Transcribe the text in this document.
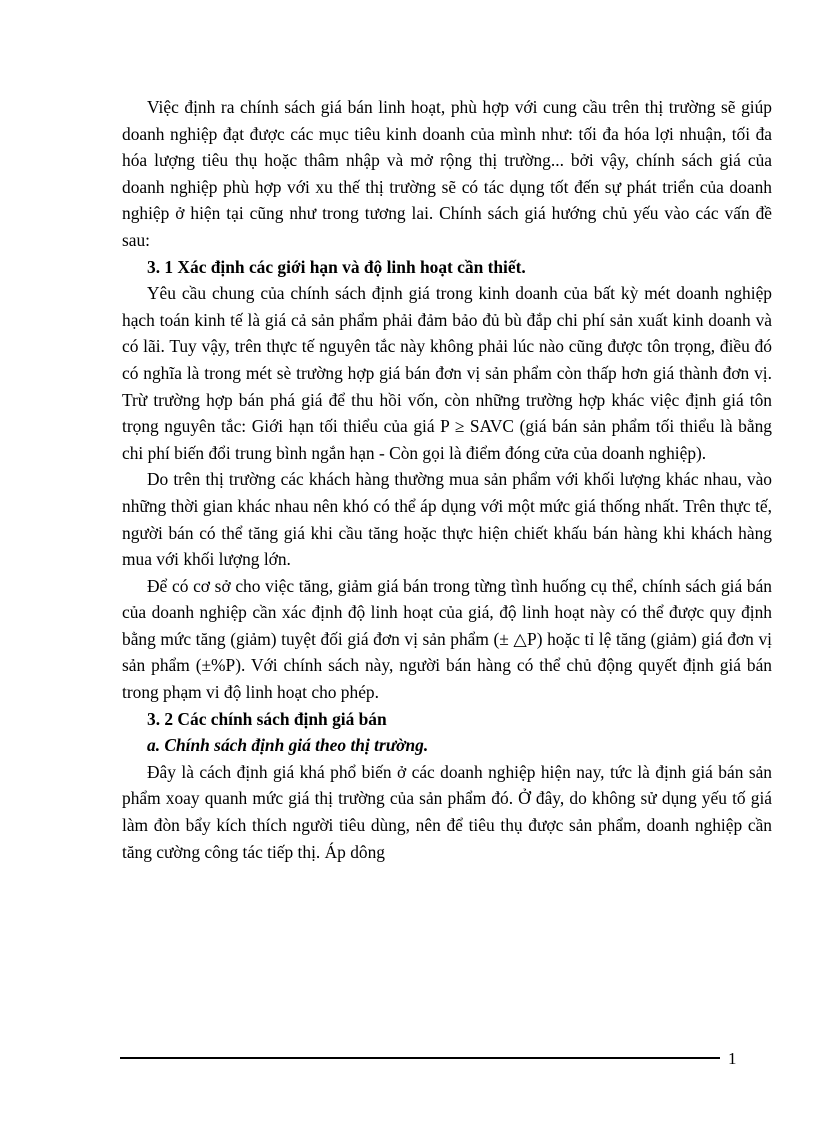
Việc định ra chính sách giá bán linh hoạt, phù hợp với cung cầu trên thị trường sẽ giúp doanh nghiệp đạt được các mục tiêu kinh doanh của mình như: tối đa hóa lợi nhuận, tối đa hóa lượng tiêu thụ hoặc thâm nhập và mở rộng thị trường... bởi vậy, chính sách giá của doanh nghiệp phù hợp với xu thế thị trường sẽ có tác dụng tốt đến sự phát triển của doanh nghiệp ở hiện tại cũng như trong tương lai. Chính sách giá hướng chủ yếu vào các vấn đề sau:

3. 1 Xác định các giới hạn và độ linh hoạt cần thiết.

Yêu cầu chung của chính sách định giá trong kinh doanh của bất kỳ mét doanh nghiệp hạch toán kinh tế là giá cả sản phẩm phải đảm bảo đủ bù đắp chi phí sản xuất kinh doanh và có lãi. Tuy vậy, trên thực tế nguyên tắc này không phải lúc nào cũng được tôn trọng, điều đó có nghĩa là trong mét sè trường hợp giá bán đơn vị sản phẩm còn thấp hơn giá thành đơn vị. Trừ trường hợp bán phá giá để thu hồi vốn, còn những trường hợp khác việc định giá tôn trọng nguyên tắc: Giới hạn tối thiểu của giá P ≥ SAVC (giá bán sản phẩm tối thiểu là bằng chi phí biến đổi trung bình ngắn hạn - Còn gọi là điểm đóng cửa của doanh nghiệp).

Do trên thị trường các khách hàng thường mua sản phẩm với khối lượng khác nhau, vào những thời gian khác nhau nên khó có thể áp dụng với một mức giá thống nhất. Trên thực tế, người bán có thể tăng giá khi cầu tăng hoặc thực hiện chiết khấu bán hàng khi khách hàng mua với khối lượng lớn.

Để có cơ sở cho việc tăng, giảm giá bán trong từng tình huống cụ thể, chính sách giá bán của doanh nghiệp cần xác định độ linh hoạt của giá, độ linh hoạt này có thể được quy định bằng mức tăng (giảm) tuyệt đối giá đơn vị sản phẩm (± △P) hoặc tỉ lệ tăng (giảm) giá đơn vị sản phẩm (±%P). Với chính sách này, người bán hàng có thể chủ động quyết định giá bán trong phạm vi độ linh hoạt cho phép.

3. 2 Các chính sách định giá bán

a. Chính sách định giá theo thị trường.

Đây là cách định giá khá phổ biến ở các doanh nghiệp hiện nay, tức là định giá bán sản phẩm xoay quanh mức giá thị trường của sản phẩm đó. Ở đây, do không sử dụng yếu tố giá làm đòn bẩy kích thích người tiêu dùng, nên để tiêu thụ được sản phẩm, doanh nghiệp cần tăng cường công tác tiếp thị. Áp dông

1
